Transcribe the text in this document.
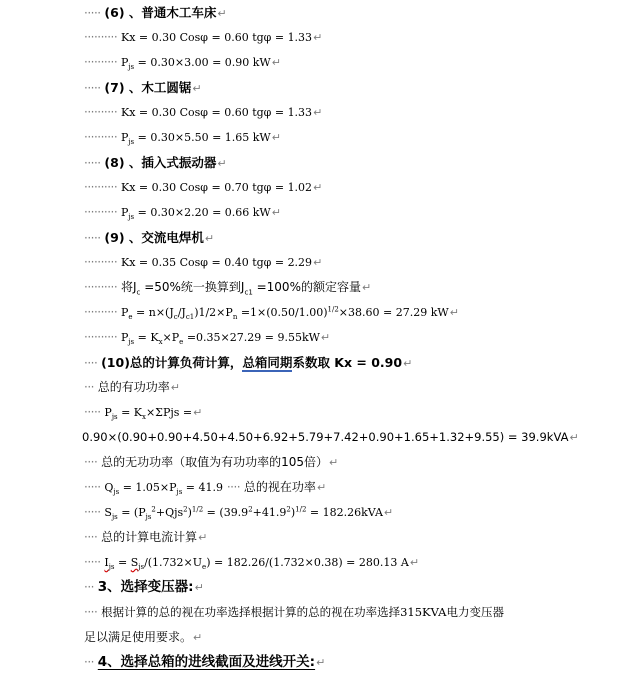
····· (6) 、普通木工车床↵
·········· Kx = 0.30 Cosφ = 0.60 tgφ = 1.33↵
·········· $P_{js} = 0.30\times 3.00 = 0.90$ kW↵
····· (7) 、木工圆锯↵
·········· Kx = 0.30 Cosφ = 0.60 tgφ = 1.33↵
·········· $P_{js} = 0.30\times 5.50 = 1.65$ kW↵
····· (8) 、插入式振动器↵
·········· Kx = 0.30 Cosφ = 0.70 tgφ = 1.02↵
·········· $P_{js} = 0.30\times 2.20 = 0.66$ kW↵
····· (9) 、交流电焊机↵
·········· Kx = 0.35 Cosφ = 0.40 tgφ = 2.29↵
·········· 将$J_c =50\%$统一换算到$J_{c1} =100\%$的额定容量↵
·········· $P_e = n\times(J_c/J_{c1})1/2\times P_n =1\times(0.50/1.00)^{1/2}\times 38.60 = 27.29$ kW↵
·········· $P_{js} = K_x\times P_e =0.35\times 27.29$ = 9.55kW↵
···· (10)总的计算负荷计算，总箱同期系数取 Kx = 0.90↵
··· 总的有功功率↵
····· $P_{js} = K_x\times\Sigma Pjs$ =↵
0.90×(0.90+0.90+4.50+4.50+6.92+5.79+7.42+0.90+1.65+1.32+9.55) = 39.9kVA↵
···· 总的无功功率（取值为有功功率的105倍）↵
····· $Q_{js} = 1.05\times P_{js} = 41.9$ ···· 总的视在功率↵
····· $S_{js} = (P_{js}^2+Qjs^2)^{1/2} = (39.9^2+41.9^2)^{1/2}$ = 182.26kVA↵
···· 总的计算电流计算↵
····· $I_{js} = S_{js}/(1.732\times U_e) = 182.26/(1.732\times 0.38) = 280.13$ A↵
··· 3、选择变压器:↵
···· 根据计算的总的视在功率选择根据计算的总的视在功率选择315KVA电力变压器
足以满足使用要求。↵
··· 4、选择总箱的进线截面及进线开关:↵
